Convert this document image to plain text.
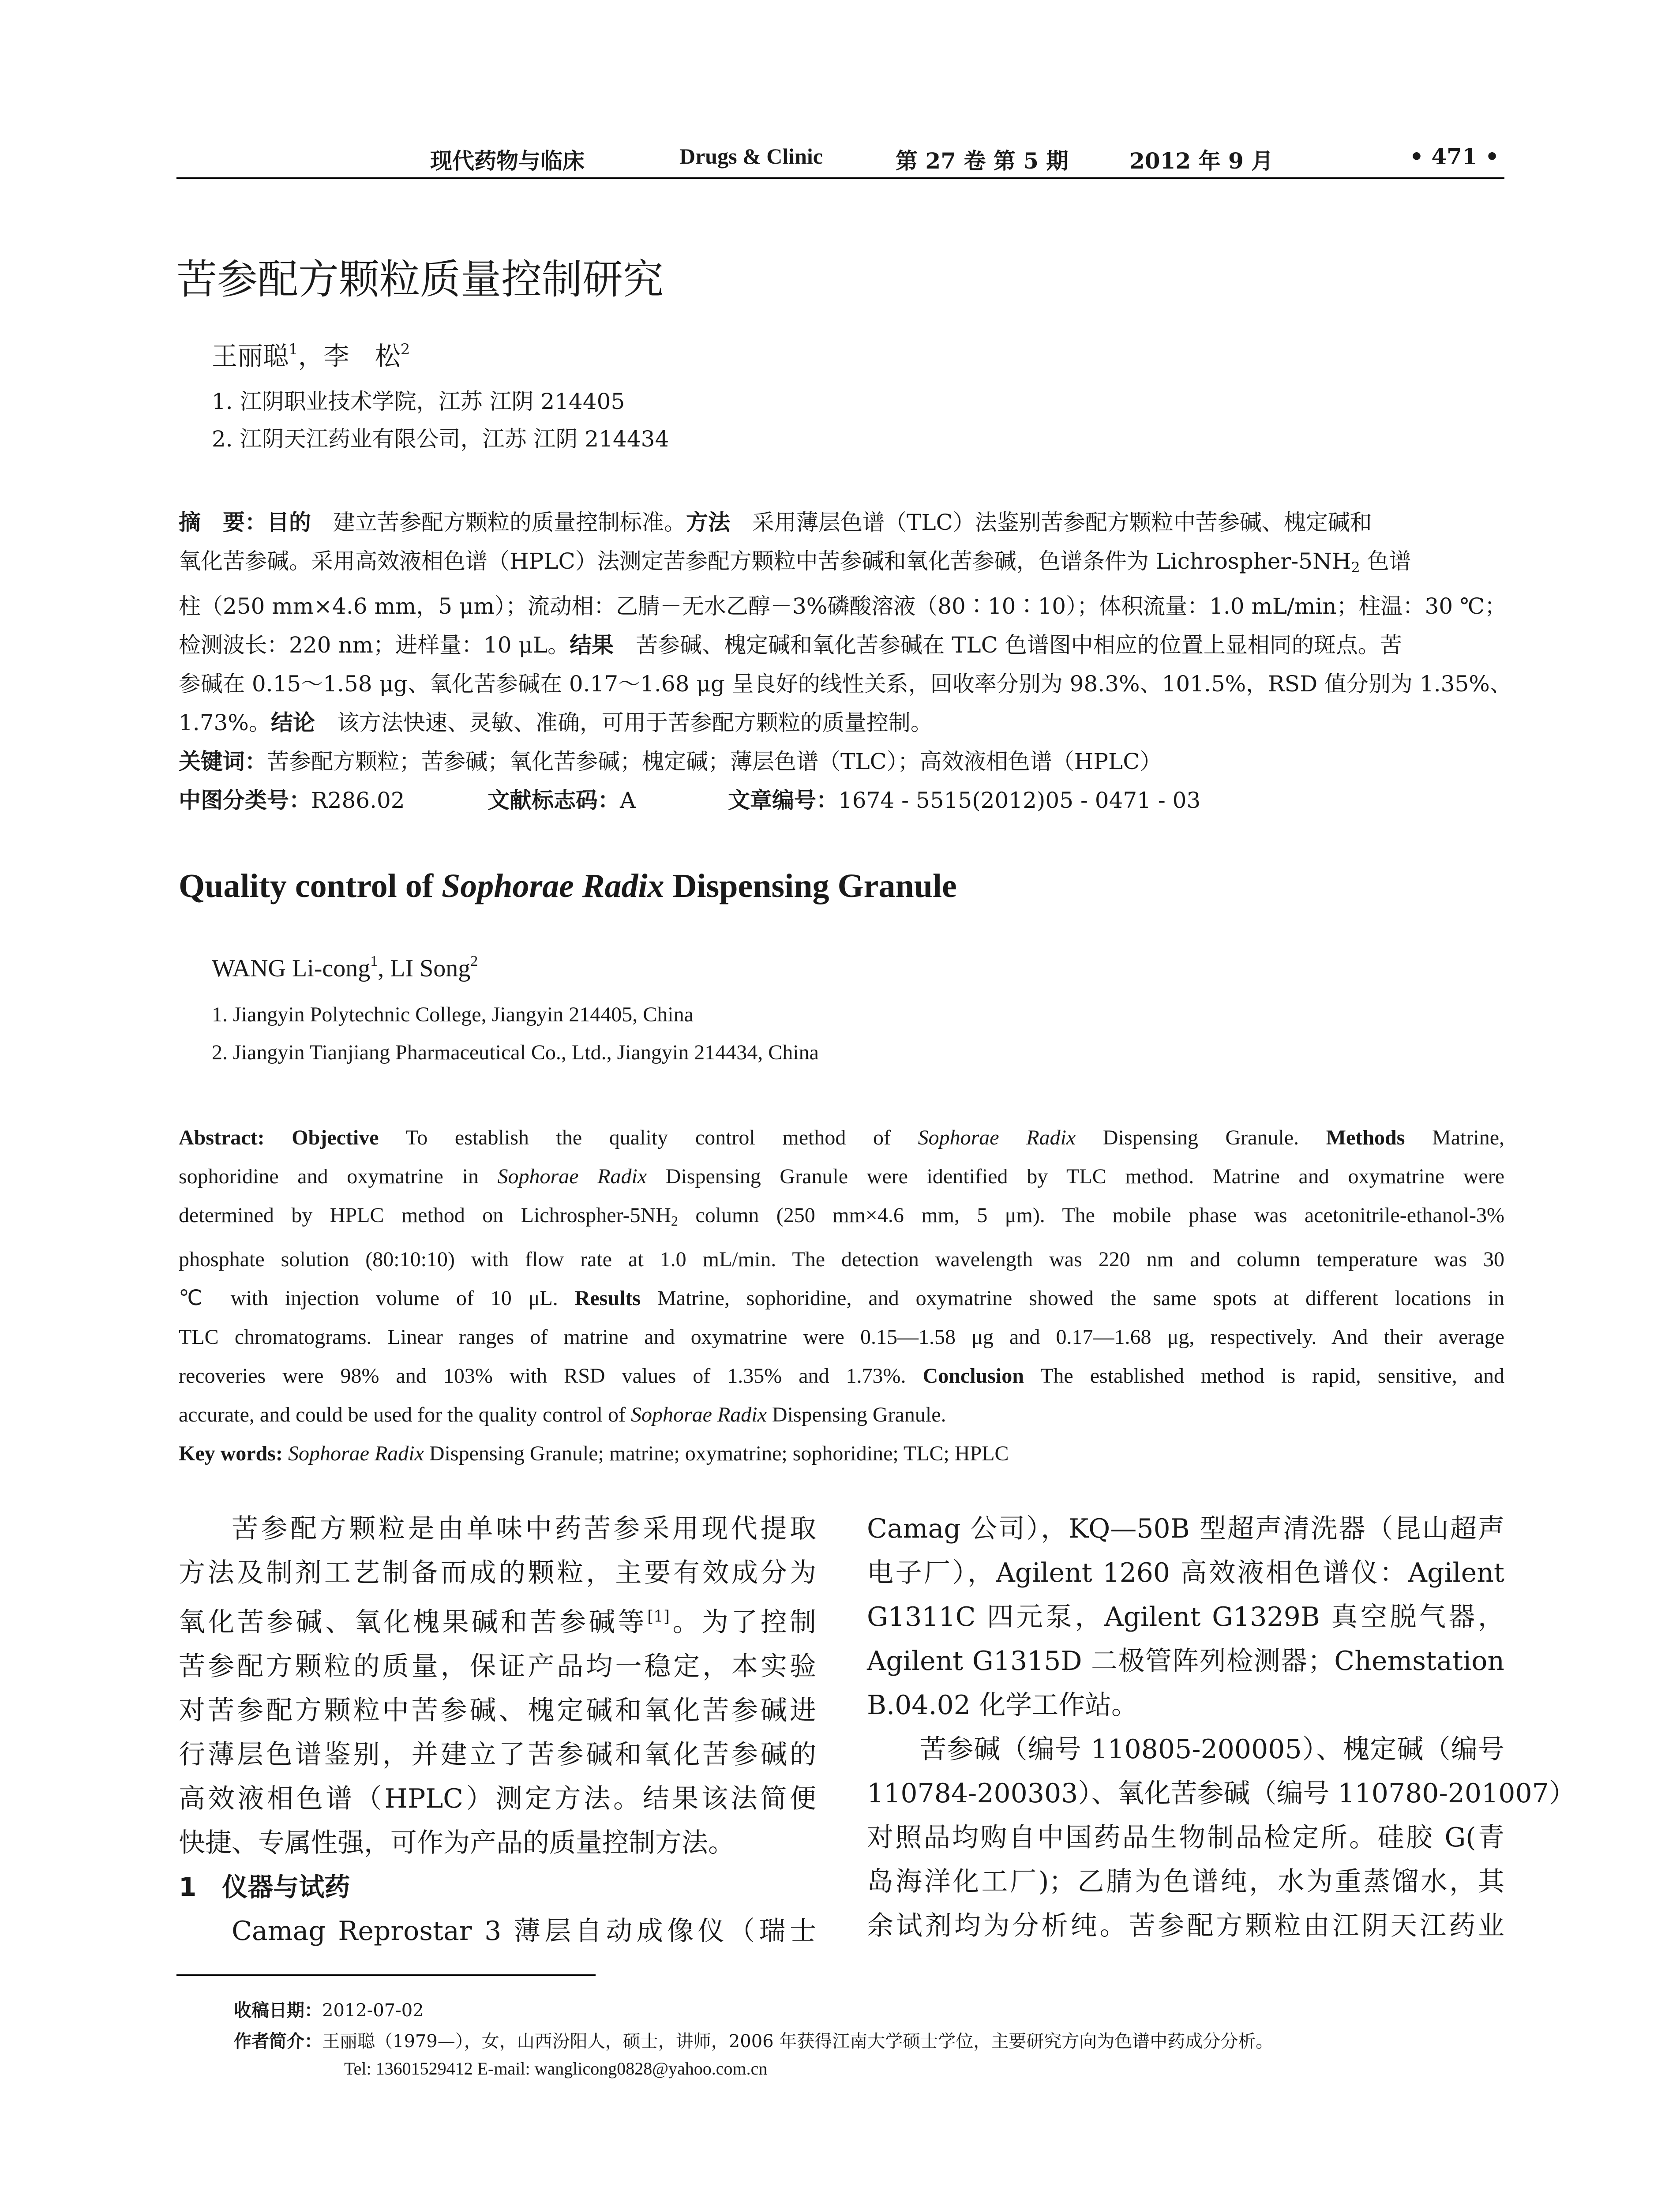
现代药物与临床	Drugs & Clinic	第 27 卷 第 5 期	2012 年 9 月	• 471 •
苦参配方颗粒质量控制研究
王丽聪$^1$，李　松$^2$
1. 江阴职业技术学院，江苏 江阴 214405
2. 江阴天江药业有限公司，江苏 江阴 214434
摘　要：目的　建立苦参配方颗粒的质量控制标准。方法　采用薄层色谱（TLC）法鉴别苦参配方颗粒中苦参碱、槐定碱和
氧化苦参碱。采用高效液相色谱（HPLC）法测定苦参配方颗粒中苦参碱和氧化苦参碱，色谱条件为 Lichrospher-$5NH_2$ 色谱
柱（250 mm×4.6 mm，5 μm）；流动相：乙腈－无水乙醇－3%磷酸溶液（80∶10∶10）；体积流量：1.0 mL/min；柱温：30 ℃；
检测波长：220 nm；进样量：10 μL。结果　苦参碱、槐定碱和氧化苦参碱在 TLC 色谱图中相应的位置上显相同的斑点。苦
参碱在 0.15～1.58 μg、氧化苦参碱在 0.17～1.68 μg 呈良好的线性关系，回收率分别为 98.3%、101.5%，RSD 值分别为 1.35%、
1.73%。结论　该方法快速、灵敏、准确，可用于苦参配方颗粒的质量控制。
关键词：苦参配方颗粒；苦参碱；氧化苦参碱；槐定碱；薄层色谱（TLC）；高效液相色谱（HPLC）
中图分类号：R286.02	文献标志码：A	文章编号：1674 - 5515(2012)05 - 0471 - 03
Quality control of Sophorae Radix Dispensing Granule
WANG Li-cong$^1$, LI Song$^2$
1. Jiangyin Polytechnic College, Jiangyin 214405, China
2. Jiangyin Tianjiang Pharmaceutical Co., Ltd., Jiangyin 214434, China
Abstract: Objective To establish the quality control method of Sophorae Radix Dispensing Granule. Methods Matrine,
sophoridine and oxymatrine in Sophorae Radix Dispensing Granule were identified by TLC method. Matrine and oxymatrine were
determined by HPLC method on Lichrospher-$5NH_2$ column (250 mm×4.6 mm, 5 μm). The mobile phase was acetonitrile-ethanol-3%
phosphate solution (80:10:10) with flow rate at 1.0 mL/min. The detection wavelength was 220 nm and column temperature was 30
℃ with injection volume of 10 μL. Results Matrine, sophoridine, and oxymatrine showed the same spots at different locations in
TLC chromatograms. Linear ranges of matrine and oxymatrine were 0.15—1.58 μg and 0.17—1.68 μg, respectively. And their average
recoveries were 98% and 103% with RSD values of 1.35% and 1.73%. Conclusion The established method is rapid, sensitive, and
accurate, and could be used for the quality control of Sophorae Radix Dispensing Granule.
Key words: Sophorae Radix Dispensing Granule; matrine; oxymatrine; sophoridine; TLC; HPLC
苦参配方颗粒是由单味中药苦参采用现代提取
方法及制剂工艺制备而成的颗粒，主要有效成分为
氧化苦参碱、氧化槐果碱和苦参碱等[1]。为了控制
苦参配方颗粒的质量，保证产品均一稳定，本实验
对苦参配方颗粒中苦参碱、槐定碱和氧化苦参碱进
行薄层色谱鉴别，并建立了苦参碱和氧化苦参碱的
高效液相色谱（HPLC）测定方法。结果该法简便
快捷、专属性强，可作为产品的质量控制方法。
1　仪器与试药
Camag Reprostar 3 薄层自动成像仪（瑞士
Camag 公司），KQ—50B 型超声清洗器（昆山超声
电子厂），Agilent 1260 高效液相色谱仪：Agilent
G1311C 四元泵，Agilent G1329B 真空脱气器，
Agilent G1315D 二极管阵列检测器；Chemstation
B.04.02 化学工作站。
苦参碱（编号 110805-200005）、槐定碱（编号
110784-200303）、氧化苦参碱（编号 110780-201007）
对照品均购自中国药品生物制品检定所。硅胶 G(青
岛海洋化工厂)；乙腈为色谱纯，水为重蒸馏水，其
余试剂均为分析纯。苦参配方颗粒由江阴天江药业
收稿日期：2012-07-02
作者简介：王丽聪（1979—），女，山西汾阳人，硕士，讲师，2006 年获得江南大学硕士学位，主要研究方向为色谱中药成分分析。
Tel: 13601529412 E-mail: wanglicong0828@yahoo.com.cn
